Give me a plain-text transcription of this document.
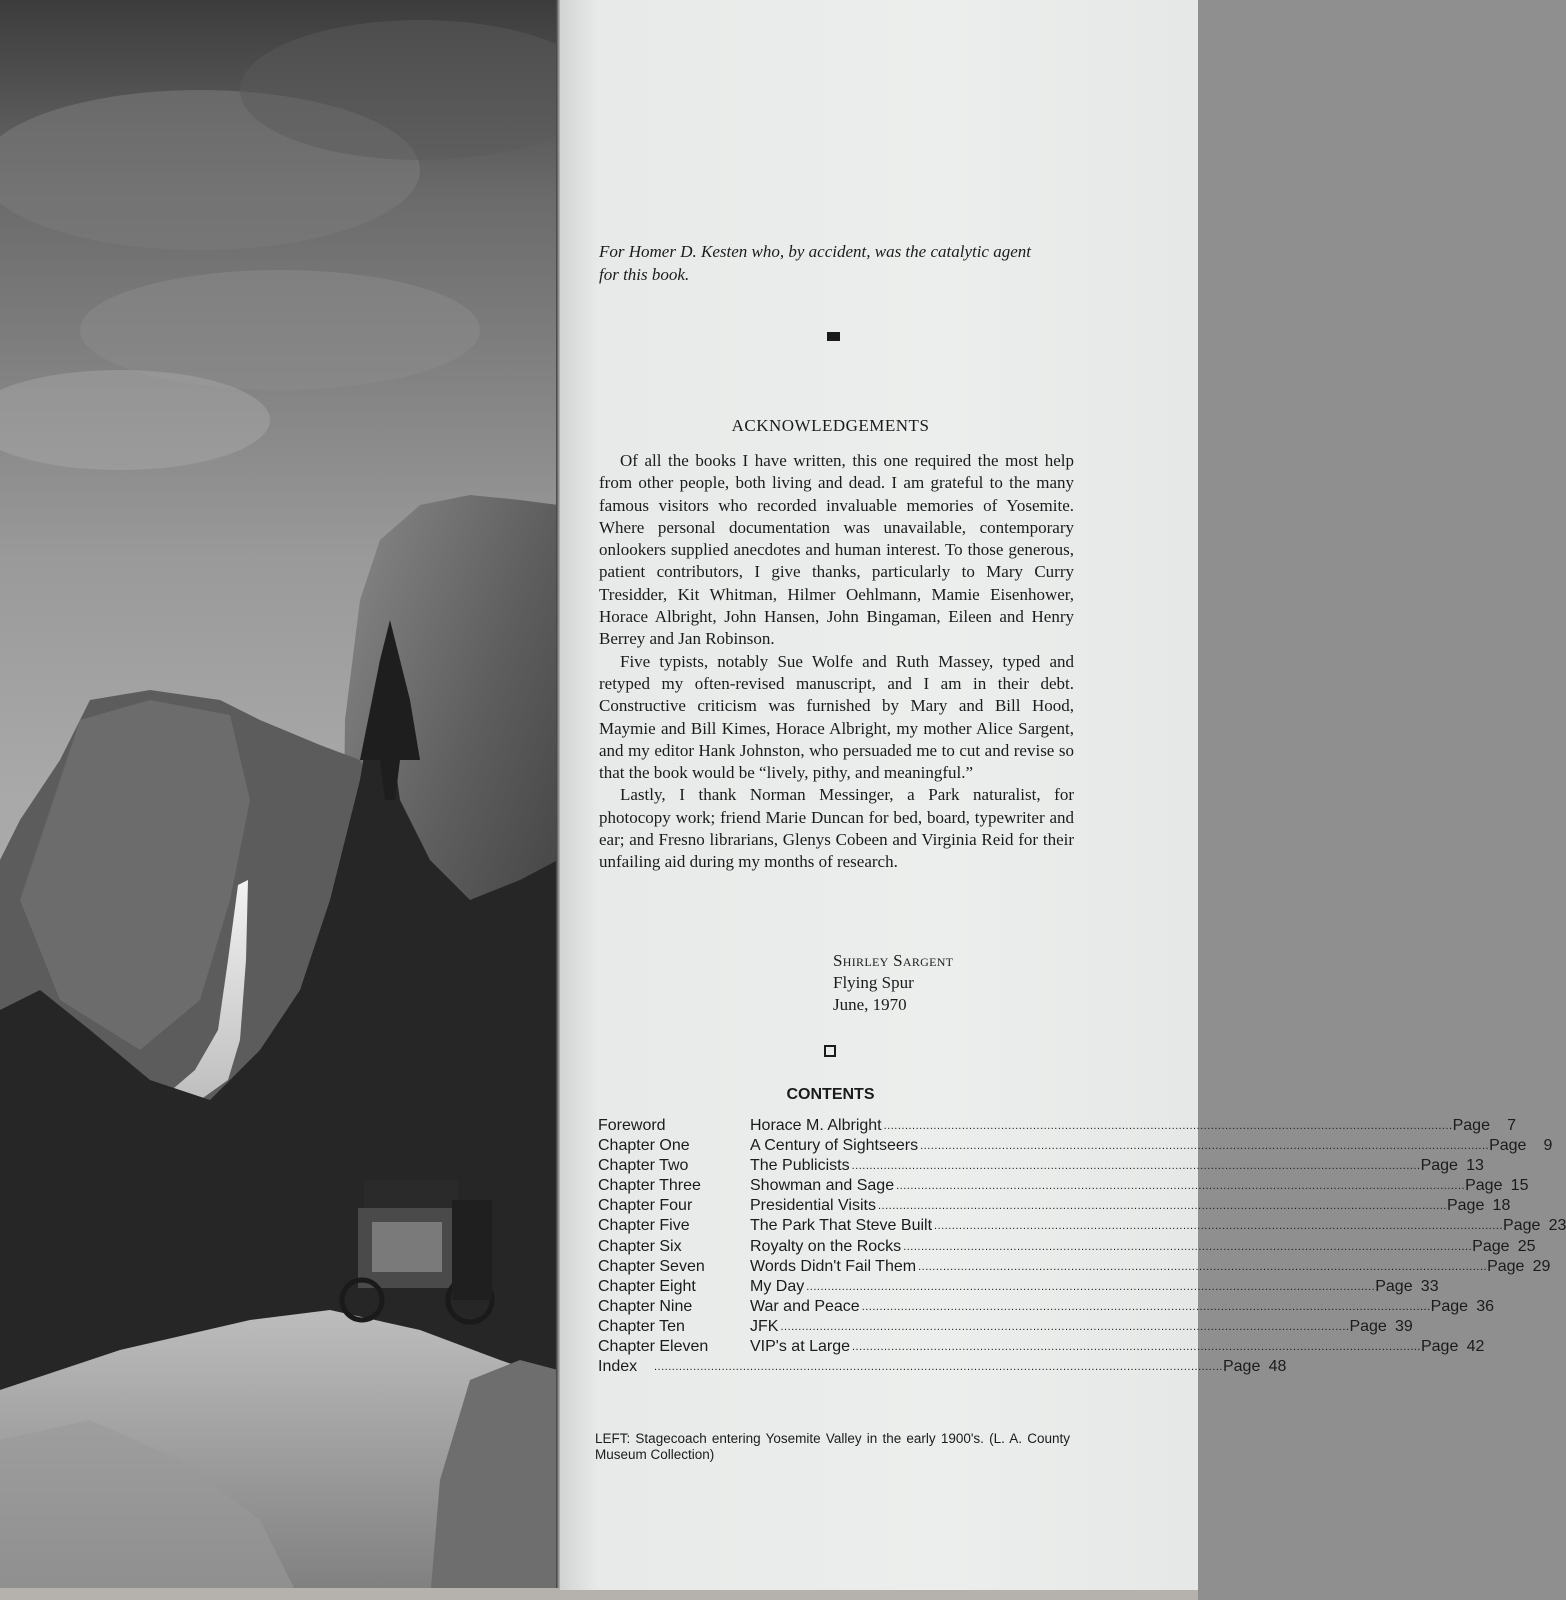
For Homer D. Kesten who, by accident, was the catalytic agent for this book.
ACKNOWLEDGEMENTS

Of all the books I have written, this one required the most help from other people, both living and dead. I am grateful to the many famous visitors who recorded invaluable memories of Yosemite. Where personal documentation was unavailable, contemporary onlookers supplied anecdotes and human interest. To those generous, patient contributors, I give thanks, particularly to Mary Curry Tresidder, Kit Whitman, Hilmer Oehlmann, Mamie Eisenhower, Horace Albright, John Hansen, John Bingaman, Eileen and Henry Berrey and Jan Robinson.

Five typists, notably Sue Wolfe and Ruth Massey, typed and retyped my often-revised manuscript, and I am in their debt. Constructive criticism was furnished by Mary and Bill Hood, Maymie and Bill Kimes, Horace Albright, my mother Alice Sargent, and my editor Hank Johnston, who persuaded me to cut and revise so that the book would be “lively, pithy, and meaningful.”

Lastly, I thank Norman Messinger, a Park naturalist, for photocopy work; friend Marie Duncan for bed, board, typewriter and ear; and Fresno librarians, Glenys Cobeen and Virginia Reid for their unfailing aid during my months of research.

Shirley Sargent
Flying Spur
June, 1970
CONTENTS
Foreword	Horace M. Albright ................................................................................................................................................................ Page	7
Chapter One	A Century of Sightseers ................................................................................................................................................................ Page	9
Chapter Two	The Publicists ................................................................................................................................................................ Page 13
Chapter Three	Showman and Sage ................................................................................................................................................................ Page 15
Chapter Four	Presidential Visits ................................................................................................................................................................ Page 18
Chapter Five	The Park That Steve Built ................................................................................................................................................................ Page 23
Chapter Six	Royalty on the Rocks ................................................................................................................................................................ Page 25
Chapter Seven	Words Didn't Fail Them ................................................................................................................................................................ Page 29
Chapter Eight	My Day ................................................................................................................................................................ Page 33
Chapter Nine	War and Peace ................................................................................................................................................................ Page 36
Chapter Ten	JFK ................................................................................................................................................................ Page 39
Chapter Eleven	VIP's at Large ................................................................................................................................................................ Page 42
Index ................................................................................................................................................................ Page 48
LEFT: Stagecoach entering Yosemite Valley in the early 1900's. (L. A. County Museum Collection)
